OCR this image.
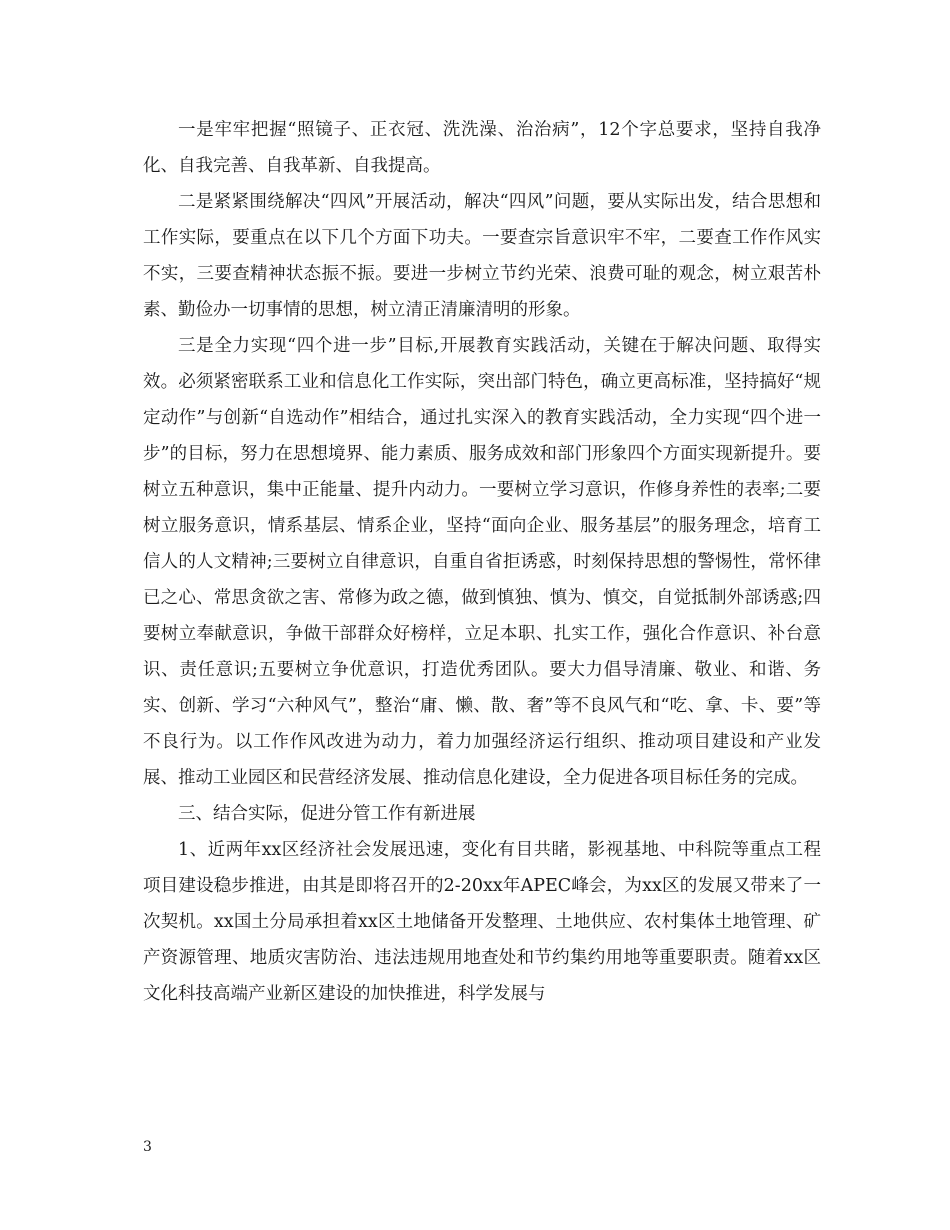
一是牢牢把握“照镜子、正衣冠、洗洗澡、治治病”，12个字总要求，坚持自我净化、自我完善、自我革新、自我提高。

二是紧紧围绕解决“四风”开展活动，解决“四风”问题，要从实际出发，结合思想和工作实际，要重点在以下几个方面下功夫。一要查宗旨意识牢不牢，二要查工作作风实不实，三要查精神状态振不振。要进一步树立节约光荣、浪费可耻的观念，树立艰苦朴素、勤俭办一切事情的思想，树立清正清廉清明的形象。

三是全力实现“四个进一步”目标,开展教育实践活动，关键在于解决问题、取得实效。必须紧密联系工业和信息化工作实际，突出部门特色，确立更高标准，坚持搞好“规定动作”与创新“自选动作”相结合，通过扎实深入的教育实践活动，全力实现“四个进一步”的目标，努力在思想境界、能力素质、服务成效和部门形象四个方面实现新提升。要树立五种意识，集中正能量、提升内动力。一要树立学习意识，作修身养性的表率;二要树立服务意识，情系基层、情系企业，坚持“面向企业、服务基层”的服务理念，培育工信人的人文精神;三要树立自律意识，自重自省拒诱惑，时刻保持思想的警惕性，常怀律已之心、常思贪欲之害、常修为政之德，做到慎独、慎为、慎交，自觉抵制外部诱惑;四要树立奉献意识，争做干部群众好榜样，立足本职、扎实工作，强化合作意识、补台意识、责任意识;五要树立争优意识，打造优秀团队。要大力倡导清廉、敬业、和谐、务实、创新、学习“六种风气”，整治“庸、懒、散、奢”等不良风气和“吃、拿、卡、要”等不良行为。以工作作风改进为动力，着力加强经济运行组织、推动项目建设和产业发展、推动工业园区和民营经济发展、推动信息化建设，全力促进各项目标任务的完成。

三、结合实际，促进分管工作有新进展

1、近两年xx区经济社会发展迅速，变化有目共睹，影视基地、中科院等重点工程项目建设稳步推进，由其是即将召开的2-20xx年APEC峰会，为xx区的发展又带来了一次契机。xx国土分局承担着xx区土地储备开发整理、土地供应、农村集体土地管理、矿产资源管理、地质灾害防治、违法违规用地查处和节约集约用地等重要职责。随着xx区文化科技高端产业新区建设的加快推进，科学发展与

3
